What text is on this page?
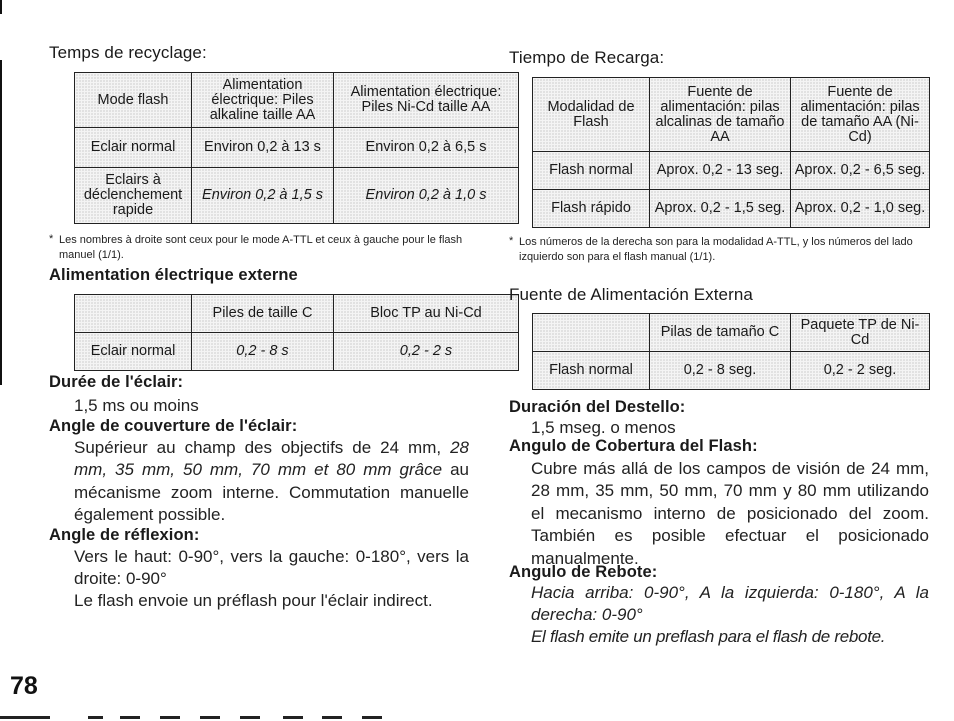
Temps de recyclage:
Mode flash	Alimentation électrique: Piles alkaline taille AA	Alimentation électrique: Piles Ni-Cd taille AA
Eclair normal	Environ 0,2 à 13 s	Environ 0,2 à 6,5 s
Eclairs à déclenchement rapide	Environ 0,2 à 1,5 s	Environ 0,2 à 1,0 s
* Les nombres à droite sont ceux pour le mode A-TTL et ceux à gauche pour le flash manuel (1/1).
Alimentation électrique externe
	Piles de taille C	Bloc TP au Ni-Cd
Eclair normal	0,2 - 8 s	0,2 - 2 s
Durée de l'éclair:
1,5 ms ou moins
Angle de couverture de l'éclair:
Supérieur au champ des objectifs de 24 mm, 28 mm, 35 mm, 50 mm, 70 mm et 80 mm grâce au mécanisme zoom interne. Commutation manuelle également possible.
Angle de réflexion:
Vers le haut: 0-90°, vers la gauche: 0-180°, vers la droite: 0-90°
Le flash envoie un préflash pour l'éclair indirect.
Tiempo de Recarga:
Modalidad de Flash	Fuente de alimentación: pilas alcalinas de tamaño AA	Fuente de alimentación: pilas de tamaño AA (Ni-Cd)
Flash normal	Aprox. 0,2 - 13 seg.	Aprox. 0,2 - 6,5 seg.
Flash rápido	Aprox. 0,2 - 1,5 seg.	Aprox. 0,2 - 1,0 seg.
* Los números de la derecha son para la modalidad A-TTL, y los números del lado izquierdo son para el flash manual (1/1).
Fuente de Alimentación Externa
	Pilas de tamaño C	Paquete TP de Ni-Cd
Flash normal	0,2 - 8 seg.	0,2 - 2 seg.
Duración del Destello:
1,5 mseg. o menos
Angulo de Cobertura del Flash:
Cubre más allá de los campos de visión de 24 mm, 28 mm, 35 mm, 50 mm, 70 mm y 80 mm utilizando el mecanismo interno de posicionado del zoom. También es posible efectuar el posicionado manualmente.
Angulo de Rebote:
Hacia arriba: 0-90°, A la izquierda: 0-180°, A la derecha: 0-90°
El flash emite un preflash para el flash de rebote.
78
